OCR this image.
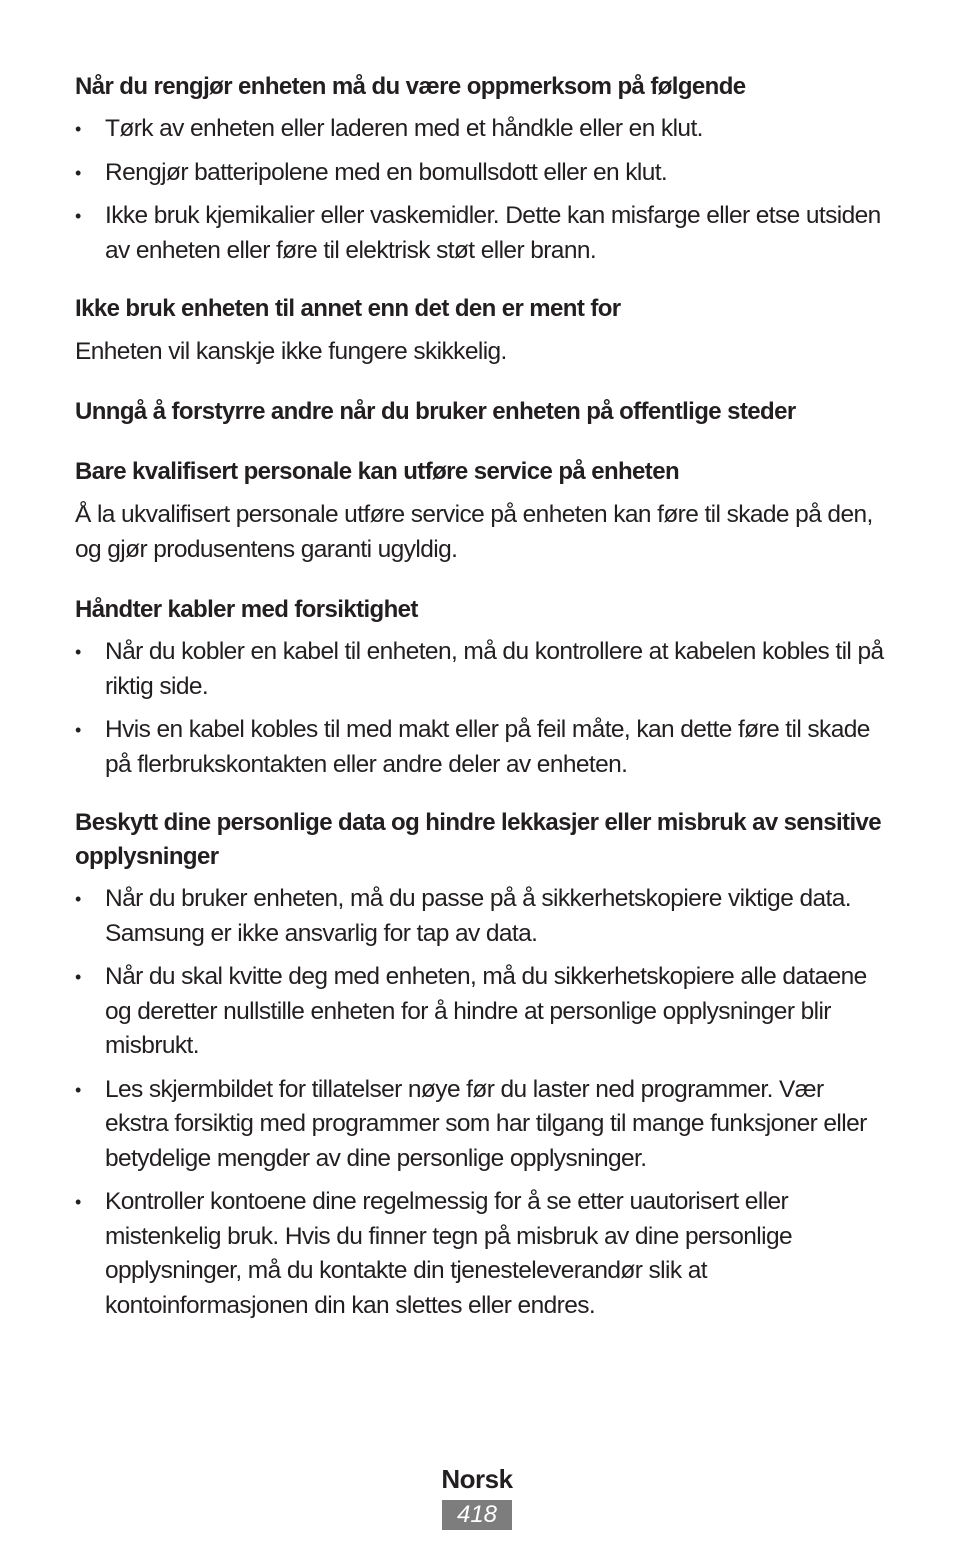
Når du rengjør enheten må du være oppmerksom på følgende
• Tørk av enheten eller laderen med et håndkle eller en klut.
• Rengjør batteripolene med en bomullsdott eller en klut.
• Ikke bruk kjemikalier eller vaskemidler. Dette kan misfarge eller etse utsiden av enheten eller føre til elektrisk støt eller brann.
Ikke bruk enheten til annet enn det den er ment for

Enheten vil kanskje ikke fungere skikkelig.

Unngå å forstyrre andre når du bruker enheten på offentlige steder
Bare kvalifisert personale kan utføre service på enheten

Å la ukvalifisert personale utføre service på enheten kan føre til skade på den, og gjør produsentens garanti ugyldig.

Håndter kabler med forsiktighet
• Når du kobler en kabel til enheten, må du kontrollere at kabelen kobles til på riktig side.
• Hvis en kabel kobles til med makt eller på feil måte, kan dette føre til skade på flerbrukskontakten eller andre deler av enheten.
Beskytt dine personlige data og hindre lekkasjer eller misbruk av sensitive opplysninger
• Når du bruker enheten, må du passe på å sikkerhetskopiere viktige data. Samsung er ikke ansvarlig for tap av data.
• Når du skal kvitte deg med enheten, må du sikkerhetskopiere alle dataene og deretter nullstille enheten for å hindre at personlige opplysninger blir misbrukt.
• Les skjermbildet for tillatelser nøye før du laster ned programmer. Vær ekstra forsiktig med programmer som har tilgang til mange funksjoner eller betydelige mengder av dine personlige opplysninger.
• Kontroller kontoene dine regelmessig for å se etter uautorisert eller mistenkelig bruk. Hvis du finner tegn på misbruk av dine personlige opplysninger, må du kontakte din tjenesteleverandør slik at kontoinformasjonen din kan slettes eller endres.
Norsk
418
